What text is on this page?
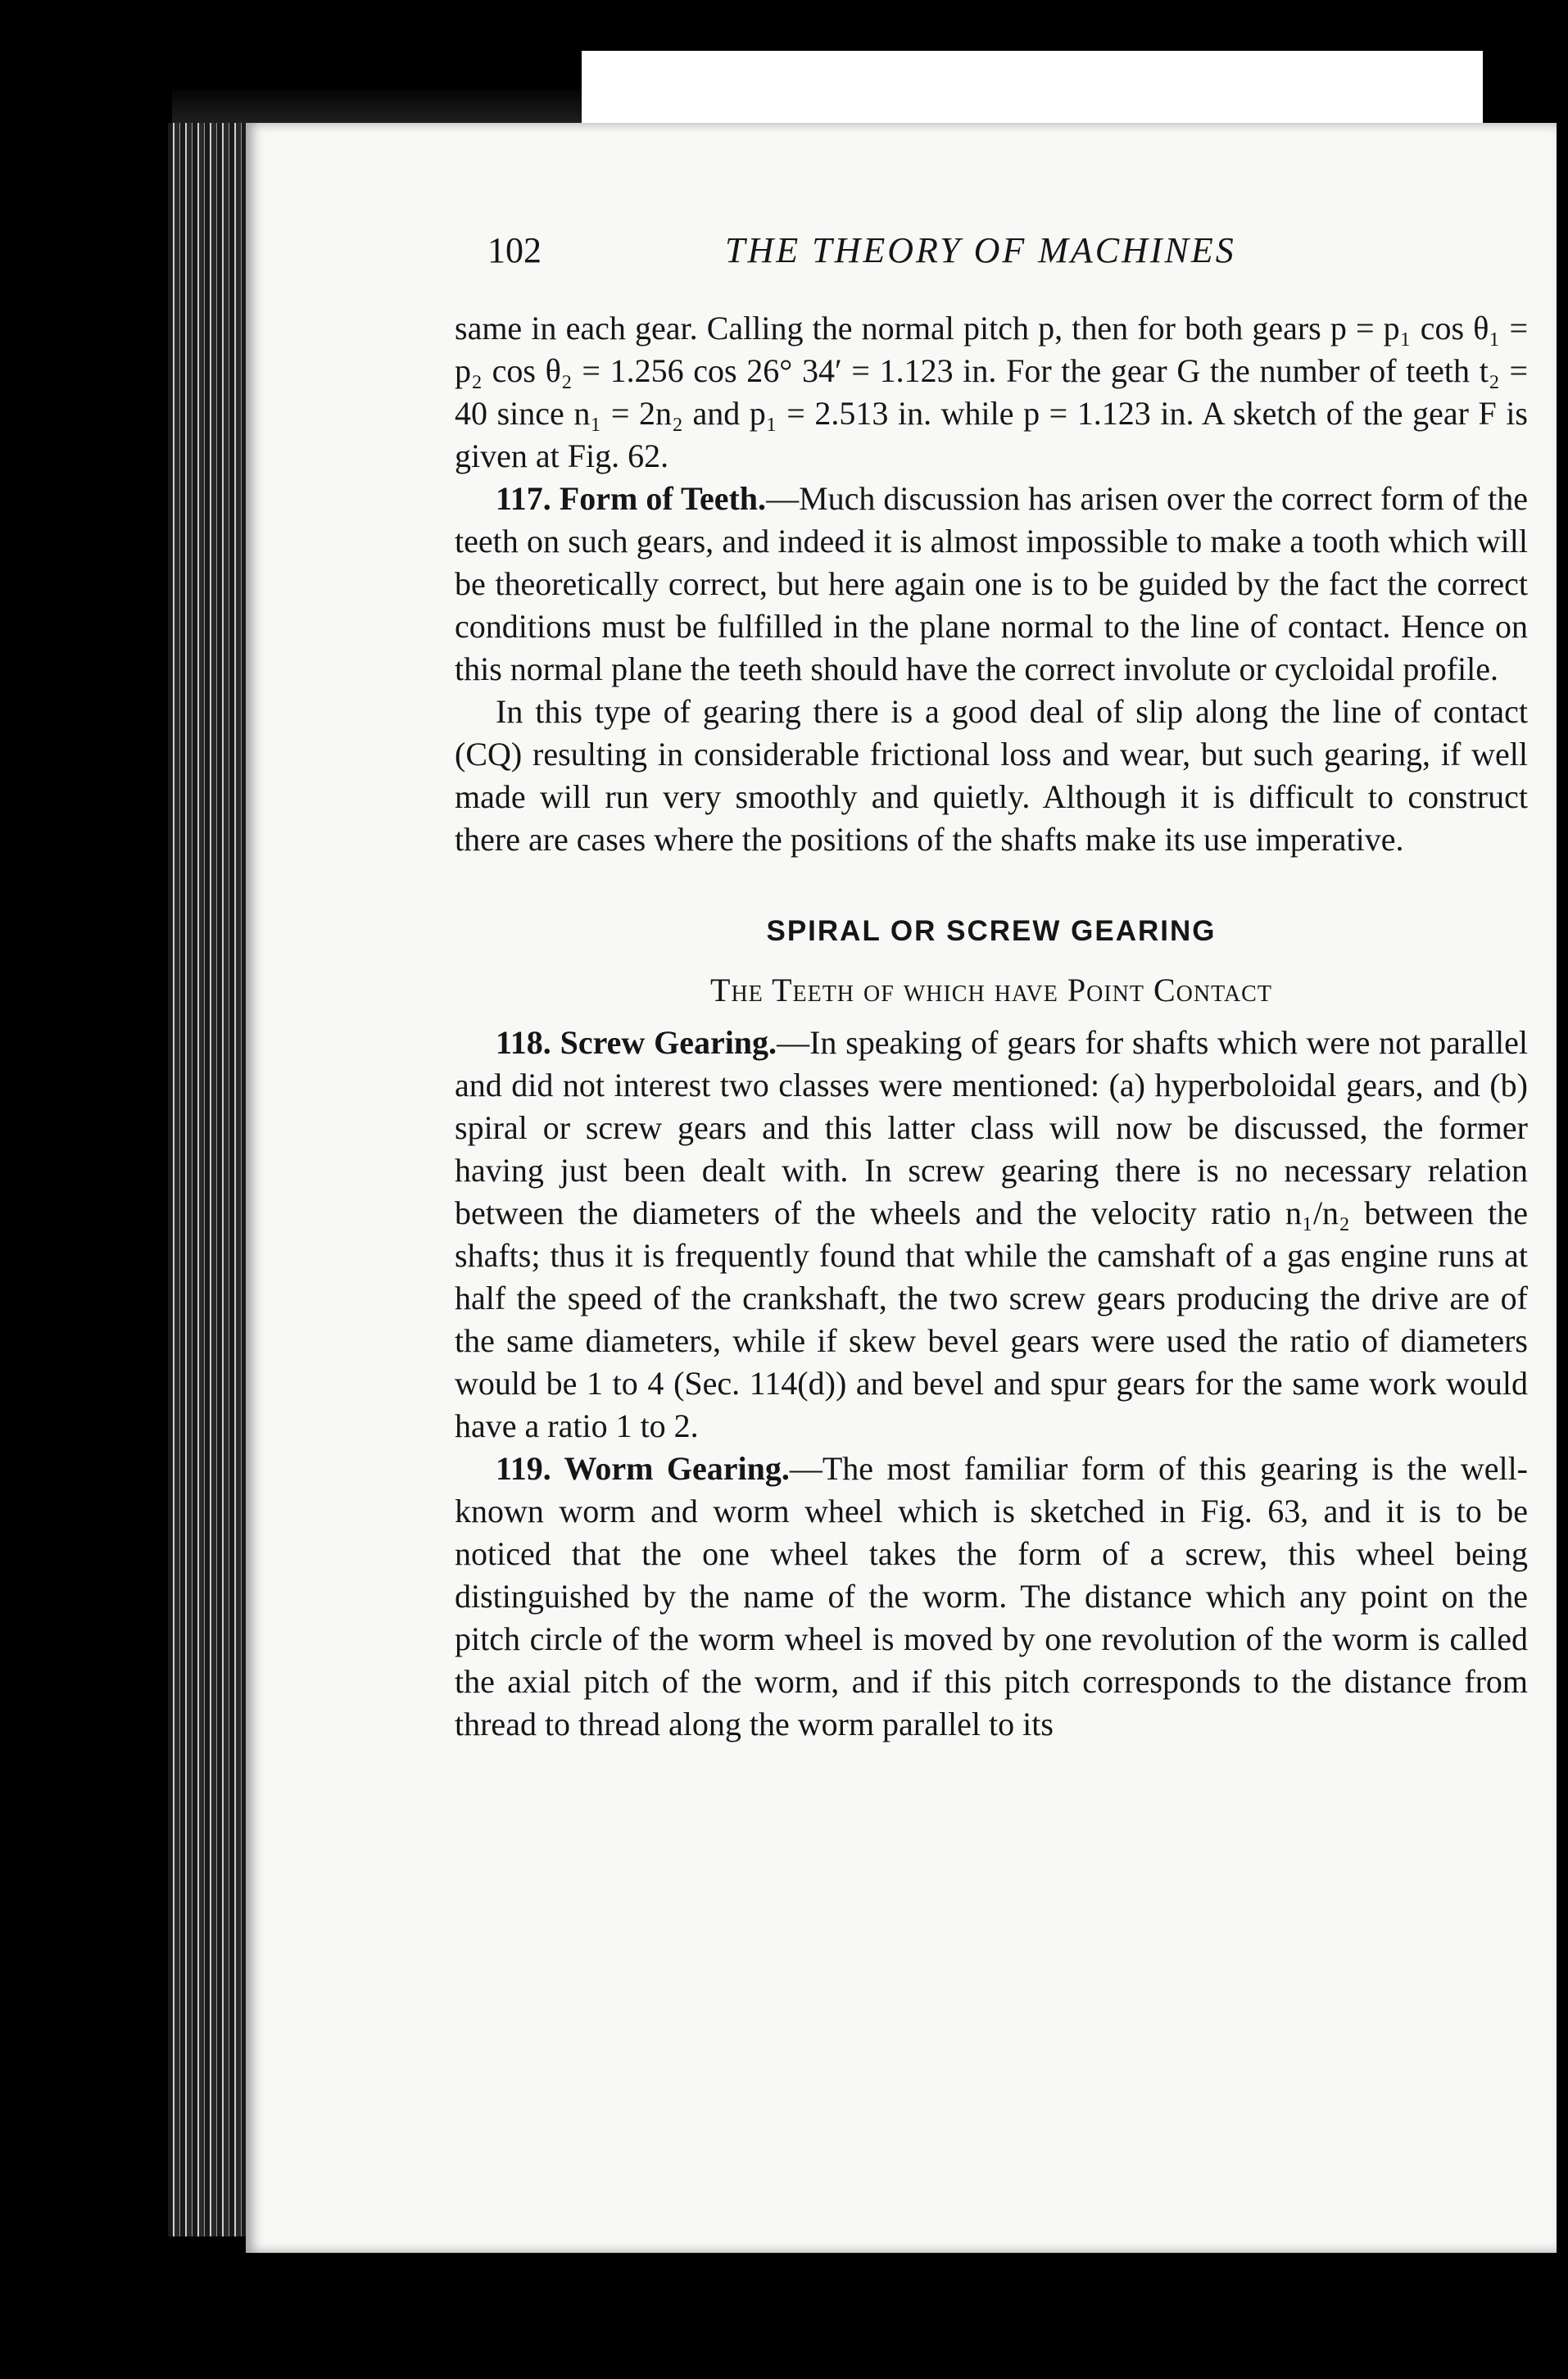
102	THE THEORY OF MACHINES

same in each gear. Calling the normal pitch p, then for both gears p = p₁ cos θ₁ = p₂ cos θ₂ = 1.256 cos 26° 34′ = 1.123 in. For the gear G the number of teeth t₂ = 40 since n₁ = 2n₂ and p₁ = 2.513 in. while p = 1.123 in. A sketch of the gear F is given at Fig. 62.

117. Form of Teeth.—Much discussion has arisen over the correct form of the teeth on such gears, and indeed it is almost impossible to make a tooth which will be theoretically correct, but here again one is to be guided by the fact the correct conditions must be fulfilled in the plane normal to the line of contact. Hence on this normal plane the teeth should have the correct involute or cycloidal profile.

In this type of gearing there is a good deal of slip along the line of contact (CQ) resulting in considerable frictional loss and wear, but such gearing, if well made will run very smoothly and quietly. Although it is difficult to construct there are cases where the positions of the shafts make its use imperative.

SPIRAL OR SCREW GEARING

The Teeth of which have Point Contact

118. Screw Gearing.—In speaking of gears for shafts which were not parallel and did not interest two classes were mentioned: (a) hyperboloidal gears, and (b) spiral or screw gears and this latter class will now be discussed, the former having just been dealt with. In screw gearing there is no necessary relation between the diameters of the wheels and the velocity ratio n₁/n₂ between the shafts; thus it is frequently found that while the camshaft of a gas engine runs at half the speed of the crankshaft, the two screw gears producing the drive are of the same diameters, while if skew bevel gears were used the ratio of diameters would be 1 to 4 (Sec. 114(d)) and bevel and spur gears for the same work would have a ratio 1 to 2.

119. Worm Gearing.—The most familiar form of this gearing is the well-known worm and worm wheel which is sketched in Fig. 63, and it is to be noticed that the one wheel takes the form of a screw, this wheel being distinguished by the name of the worm. The distance which any point on the pitch circle of the worm wheel is moved by one revolution of the worm is called the axial pitch of the worm, and if this pitch corresponds to the distance from thread to thread along the worm parallel to its
